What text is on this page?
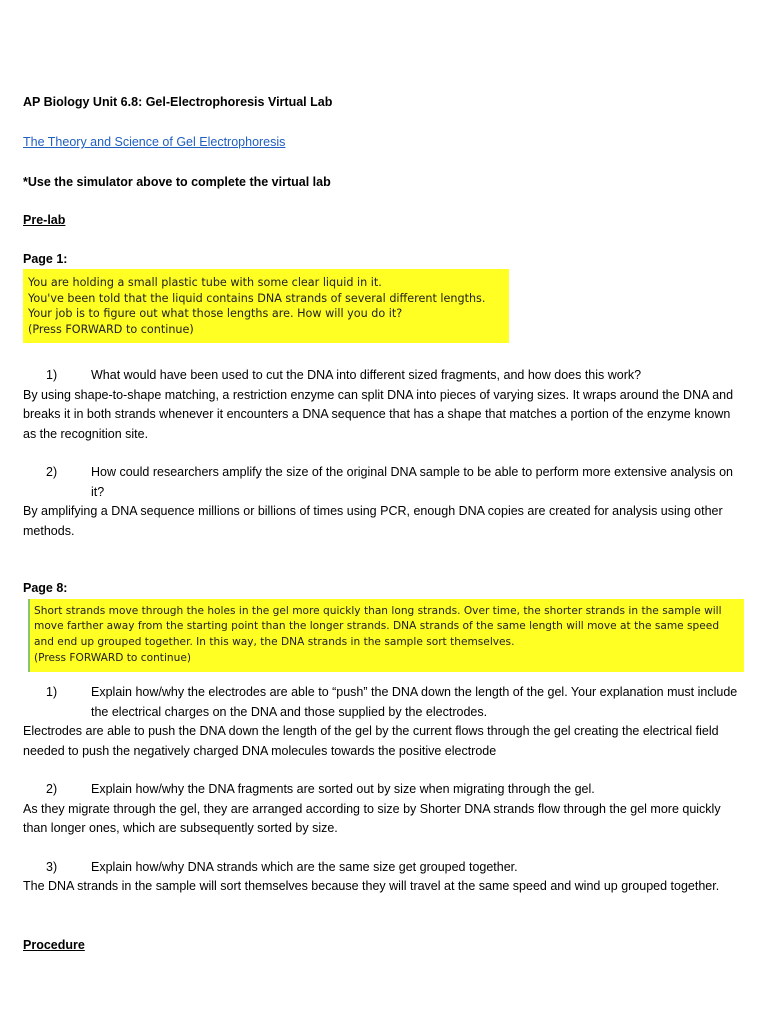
AP Biology Unit 6.8: Gel-Electrophoresis Virtual Lab

The Theory and Science of Gel Electrophoresis

*Use the simulator above to complete the virtual lab

Pre-lab

Page 1:

You are holding a small plastic tube with some clear liquid in it.
You've been told that the liquid contains DNA strands of several different lengths.
Your job is to figure out what those lengths are. How will you do it?
(Press FORWARD to continue)
1)	What would have been used to cut the DNA into different sized fragments, and how does this work?

By using shape-to-shape matching, a restriction enzyme can split DNA into pieces of varying sizes. It wraps around the DNA and breaks it in both strands whenever it encounters a DNA sequence that has a shape that matches a portion of the enzyme known as the recognition site.

2)	How could researchers amplify the size of the original DNA sample to be able to perform more extensive analysis on it?

By amplifying a DNA sequence millions or billions of times using PCR, enough DNA copies are created for analysis using other methods.

Page 8:

Short strands move through the holes in the gel more quickly than long strands. Over time, the shorter strands in the sample will move farther away from the starting point than the longer strands. DNA strands of the same length will move at the same speed and end up grouped together. In this way, the DNA strands in the sample sort themselves.
(Press FORWARD to continue)
1)	Explain how/why the electrodes are able to “push” the DNA down the length of the gel. Your explanation must include the electrical charges on the DNA and those supplied by the electrodes.

Electrodes are able to push the DNA down the length of the gel by the current flows through the gel creating the electrical field needed to push the negatively charged DNA molecules towards the positive electrode

2)	Explain how/why the DNA fragments are sorted out by size when migrating through the gel.

As they migrate through the gel, they are arranged according to size by Shorter DNA strands flow through the gel more quickly than longer ones, which are subsequently sorted by size.

3)	Explain how/why DNA strands which are the same size get grouped together.

The DNA strands in the sample will sort themselves because they will travel at the same speed and wind up grouped together.

Procedure
